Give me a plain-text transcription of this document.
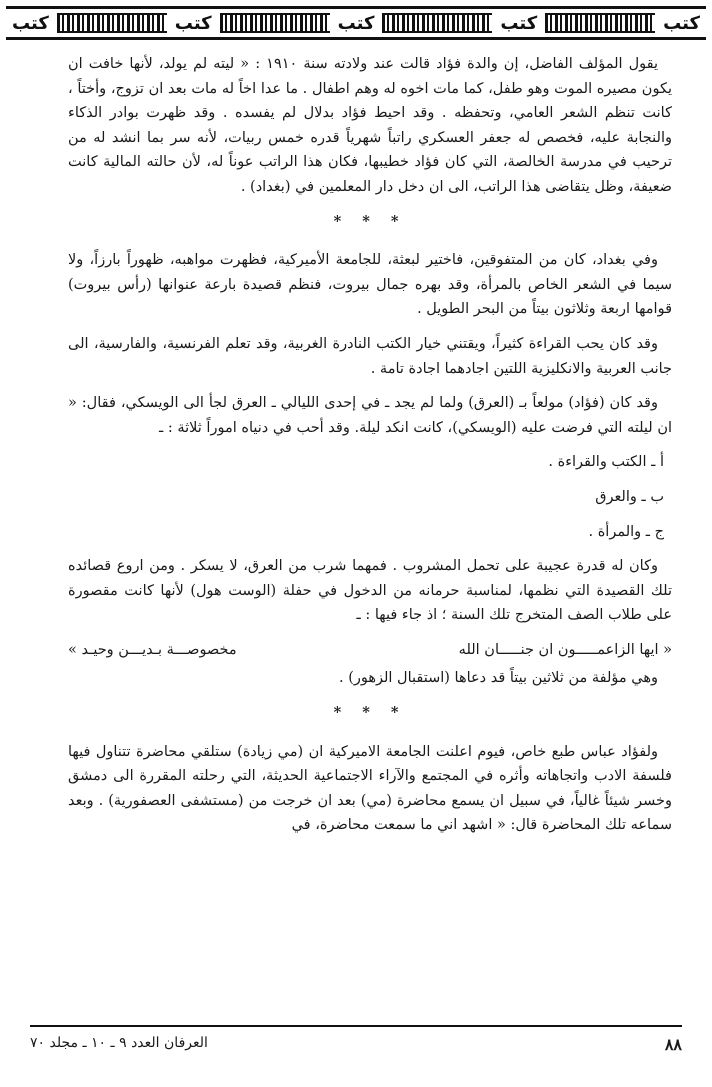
كتب	كتب	كتب	كتب	كتب

يقول المؤلف الفاضل، إن والدة فؤاد قالت عند ولادته سنة ١٩١٠ : « ليته لم يولد، لأنها خافت ان يكون مصيره الموت وهو طفل، كما مات اخوه له وهم اطفال . ما عدا اخاً له مات بعد ان تزوج، وأختاً ، كانت تنظم الشعر العامي، وتحفظه . وقد احيط فؤاد بدلال لم يفسده . وقد ظهرت بوادر الذكاء والنجابة عليه، فخصص له جعفر العسكري راتباً شهرياً قدره خمس ربيات، لأنه سر بما انشد له من ترحيب في مدرسة الخالصة، التي كان فؤاد خطيبها، فكان هذا الراتب عوناً له، لأن حالته المالية كانت ضعيفة، وظل يتقاضى هذا الراتب، الى ان دخل دار المعلمين في (بغداد) .

* * *

وفي بغداد، كان من المتفوقين، فاختير لبعثة، للجامعة الأميركية، فظهرت مواهبه، ظهوراً بارزاً، ولا سيما في الشعر الخاص بالمرأة، وقد بهره جمال بيروت، فنظم قصيدة بارعة عنوانها (رأس بيروت) قوامها اربعة وثلاثون بيتاً من البحر الطويل .

وقد كان يحب القراءة كثيراً، ويقتني خيار الكتب النادرة الغربية، وقد تعلم الفرنسية، والفارسية، الى جانب العربية والانكليزية اللتين اجادهما اجادة تامة .

وقد كان (فؤاد) مولعاً بـ (العرق) ولما لم يجد ـ في إحدى الليالي ـ العرق لجأ الى الويسكي، فقال: « ان ليلته التي فرضت عليه (الويسكي)، كانت انكد ليلة. وقد أحب في دنياه اموراً ثلاثة : ـ

أ ـ الكتب والقراءة .
ب ـ والعرق
ج ـ والمرأة .

وكان له قدرة عجيبة على تحمل المشروب . فمهما شرب من العرق، لا يسكر . ومن اروع قصائده تلك القصيدة التي نظمها، لمناسبة حرمانه من الدخول في حفلة (الوست هول) لأنها كانت مقصورة على طلاب الصف المتخرج تلك السنة ؛ اذ جاء فيها : ـ

« ايها الزاعمـــــون ان جنـــــان الله
مخصوصـــة بـديـــن وحيـد »

وهي مؤلفة من ثلاثين بيتاً قد دعاها (استقبال الزهور) .

* * *

ولفؤاد عباس طبع خاص، فيوم اعلنت الجامعة الاميركية ان (مي زيادة) ستلقي محاضرة تتناول فيها فلسفة الادب واتجاهاته وأثره في المجتمع والآراء الاجتماعية الحديثة، التي رحلته المقررة الى دمشق وخسر شيئاً غالياً، في سبيل ان يسمع محاضرة (مي) بعد ان خرجت من (مستشفى العصفورية) . وبعد سماعه تلك المحاضرة قال: « اشهد اني ما سمعت محاضرة، في

٨٨
العرفان العدد ٩ ـ ١٠ ـ مجلد ٧٠
